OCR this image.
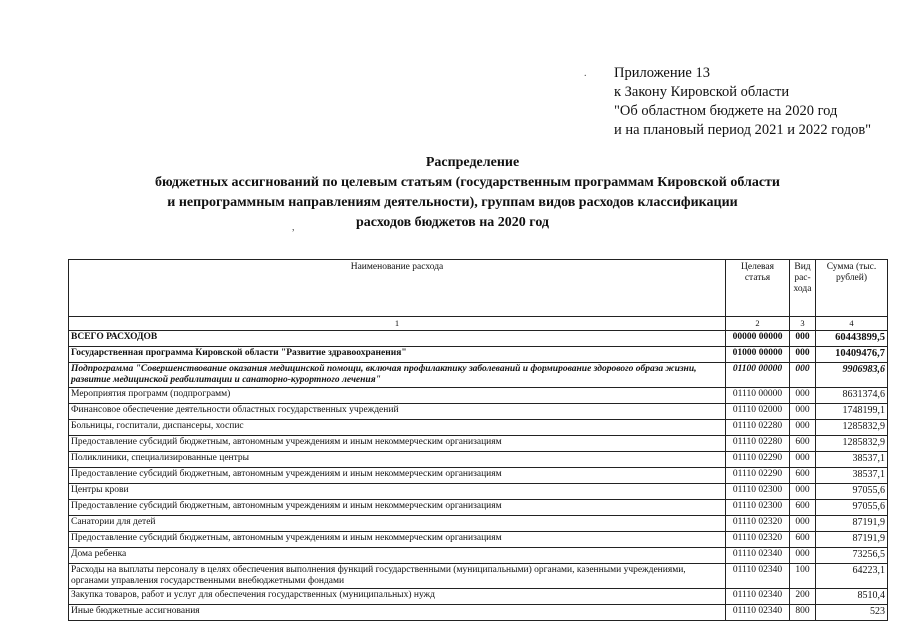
.
,
Приложение 13
к Закону Кировской области
"Об областном бюджете на 2020 год
и на плановый период 2021 и 2022 годов"
Распределение
бюджетных ассигнований по целевым статьям (государственным программам Кировской области
и непрограммным направлениям деятельности), группам видов расходов классификации
расходов бюджетов на 2020 год
Наименование расхода	Целевая статья	Вид рас-хода	Сумма (тыс. рублей)
1	2	3	4
ВСЕГО РАСХОДОВ	00000 00000	000	60443899,5
Государственная программа Кировской области "Развитие здравоохранения"	01000 00000	000	10409476,7
Подпрограмма "Совершенствование оказания медицинской помощи, включая профилактику заболеваний и формирование здорового образа жизни, развитие медицинской реабилитации и санаторно-курортного лечения"	01100 00000	000	9906983,6
Мероприятия программ (подпрограмм)	01110 00000	000	8631374,6
Финансовое обеспечение деятельности областных государственных учреждений	01110 02000	000	1748199,1
Больницы, госпитали, диспансеры, хоспис	01110 02280	000	1285832,9
Предоставление субсидий бюджетным, автономным учреждениям и иным некоммерческим организациям	01110 02280	600	1285832,9
Поликлиники, специализированные центры	01110 02290	000	38537,1
Предоставление субсидий бюджетным, автономным учреждениям и иным некоммерческим организациям	01110 02290	600	38537,1
Центры крови	01110 02300	000	97055,6
Предоставление субсидий бюджетным, автономным учреждениям и иным некоммерческим организациям	01110 02300	600	97055,6
Санатории для детей	01110 02320	000	87191,9
Предоставление субсидий бюджетным, автономным учреждениям и иным некоммерческим организациям	01110 02320	600	87191,9
Дома ребенка	01110 02340	000	73256,5
Расходы на выплаты персоналу в целях обеспечения выполнения функций государственными (муниципальными) органами, казенными учреждениями, органами управления государственными внебюджетными фондами	01110 02340	100	64223,1
Закупка товаров, работ и услуг для обеспечения государственных (муниципальных) нужд	01110 02340	200	8510,4
Иные бюджетные ассигнования	01110 02340	800	523
